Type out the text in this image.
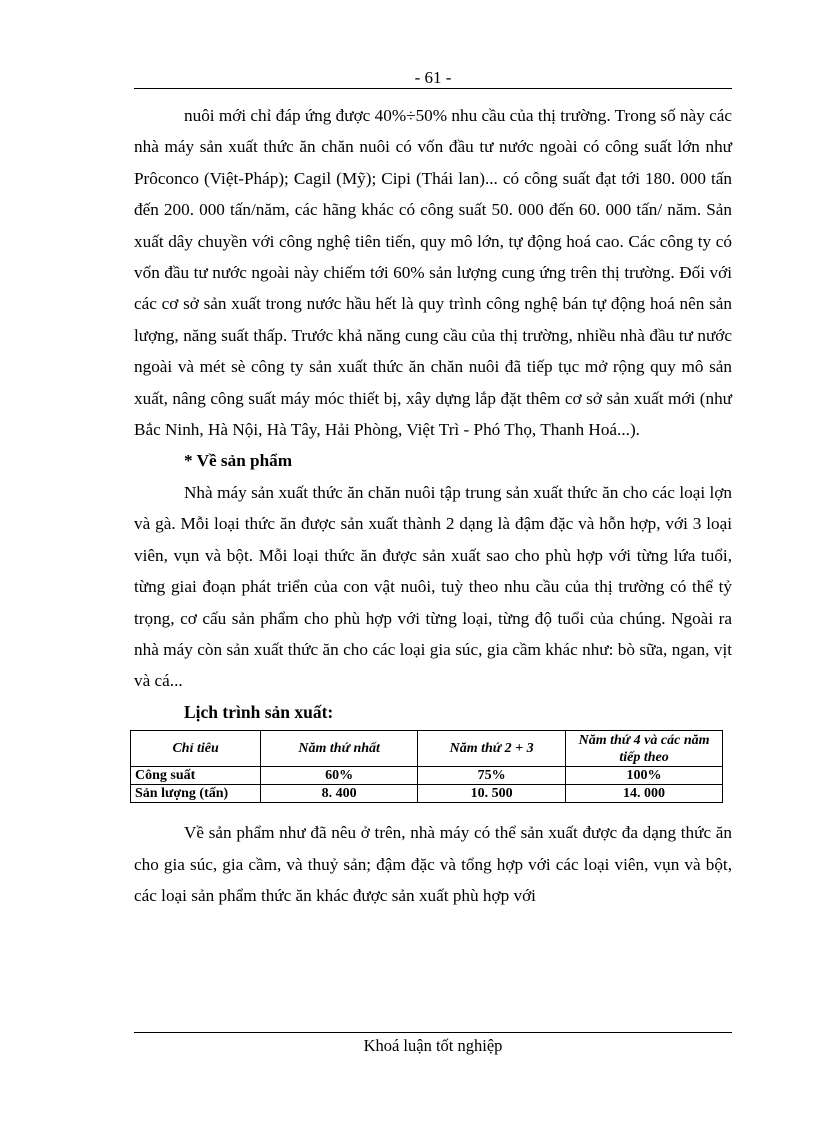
- 61 -

nuôi mới chỉ đáp ứng được 40%÷50% nhu cầu của thị trường. Trong số này các nhà máy sản xuất thức ăn chăn nuôi có vốn đầu tư nước ngoài có công suất lớn như Prôconco (Việt-Pháp); Cagil (Mỹ); Cipi (Thái lan)... có công suất đạt tới 180. 000 tấn đến 200. 000 tấn/năm, các hãng khác có công suất 50. 000 đến 60. 000 tấn/ năm. Sản xuất dây chuyền với công nghệ tiên tiến, quy mô lớn, tự động hoá cao. Các công ty có vốn đầu tư nước ngoài này chiếm tới 60% sản lượng cung ứng trên thị trường. Đối với các cơ sở sản xuất trong nước hầu hết là quy trình công nghệ bán tự động hoá nên sản lượng, năng suất thấp. Trước khả năng cung cầu của thị trường, nhiều nhà đầu tư nước ngoài và mét sè công ty sản xuất thức ăn chăn nuôi đã tiếp tục mở rộng quy mô sản xuất, nâng công suất máy móc thiết bị, xây dựng lắp đặt thêm cơ sở sản xuất mới (như Bắc Ninh, Hà Nội, Hà Tây, Hải Phòng, Việt Trì - Phó Thọ, Thanh Hoá...).

* Về sản phẩm

Nhà máy sản xuất thức ăn chăn nuôi tập trung sản xuất thức ăn cho các loại lợn và gà. Mỗi loại thức ăn được sản xuất thành 2 dạng là đậm đặc và hỗn hợp, với 3 loại viên, vụn và bột. Mỗi loại thức ăn được sản xuất sao cho phù hợp với từng lứa tuổi, từng giai đoạn phát triển của con vật nuôi, tuỳ theo nhu cầu của thị trường có thể tỷ trọng, cơ cấu sản phẩm cho phù hợp với từng loại, từng độ tuổi của chúng. Ngoài ra nhà máy còn sản xuất thức ăn cho các loại gia súc, gia cầm khác như: bò sữa, ngan, vịt và cá...

Lịch trình sản xuất:

Chỉ tiêu	Năm thứ nhất	Năm thứ 2 + 3	Năm thứ 4 và các năm tiếp theo
Công suất	60%	75%	100%
Sản lượng (tấn)	8. 400	10. 500	14. 000

Về sản phẩm như đã nêu ở trên, nhà máy có thể sản xuất được đa dạng thức ăn cho gia súc, gia cầm, và thuỷ sản; đậm đặc và tổng hợp với các loại viên, vụn và bột, các loại sản phẩm thức ăn khác được sản xuất phù hợp với

Khoá luận tốt nghiệp
